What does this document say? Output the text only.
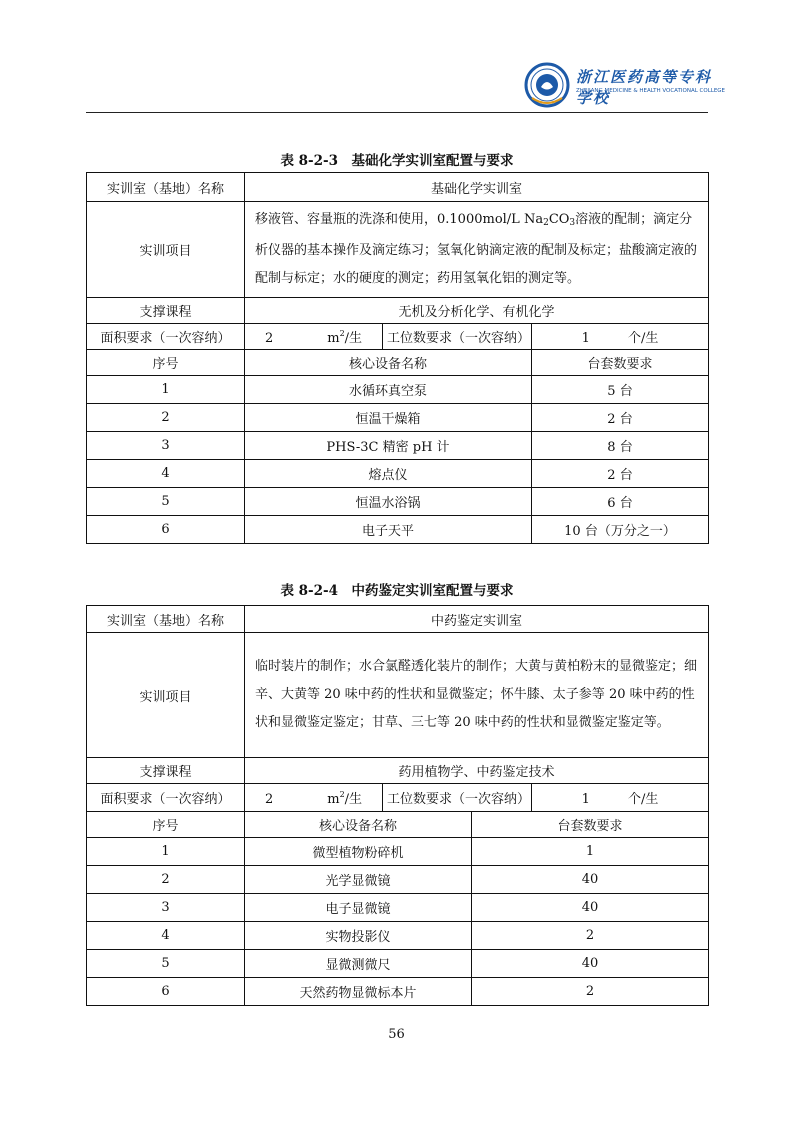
浙江医药高等专科学校
ZHEJIANG MEDICINE & HEALTH VOCATIONAL COLLEGE
表 8-2-3　基础化学实训室配置与要求
实训室（基地）名称	基础化学实训室		
实训项目	移液管、容量瓶的洗涤和使用，0.1000mol/L $Na_2CO_3$溶液的配制；滴定分析仪器的基本操作及滴定练习；氢氧化钠滴定液的配制及标定；盐酸滴定液的配制与标定；水的硬度的测定；药用氢氧化铝的测定等。		
支撑课程	无机及分析化学、有机化学		
面积要求（一次容纳）	2 $m^2/$生	工位数要求（一次容纳）	1 个/生
序号	核心设备名称		台套数要求
1	水循环真空泵		5 台
2	恒温干燥箱		2 台
3	PHS-3C 精密 pH 计		8 台
4	熔点仪		2 台
5	恒温水浴锅		6 台
6	电子天平		10 台（万分之一）
表 8-2-4　中药鉴定实训室配置与要求
实训室（基地）名称	中药鉴定实训室			
实训项目	临时装片的制作；水合氯醛透化装片的制作；大黄与黄柏粉末的显微鉴定；细辛、大黄等 20 味中药的性状和显微鉴定；怀牛膝、太子参等 20 味中药的性状和显微鉴定鉴定；甘草、三七等 20 味中药的性状和显微鉴定鉴定等。			
支撑课程	药用植物学、中药鉴定技术			
面积要求（一次容纳）	2 $m^2/$生	工位数要求（一次容纳）		1 个/生
序号	核心设备名称		台套数要求	
1	微型植物粉碎机		1	
2	光学显微镜		40	
3	电子显微镜		40	
4	实物投影仪		2	
5	显微测微尺		40	
6	天然药物显微标本片		2	
56
